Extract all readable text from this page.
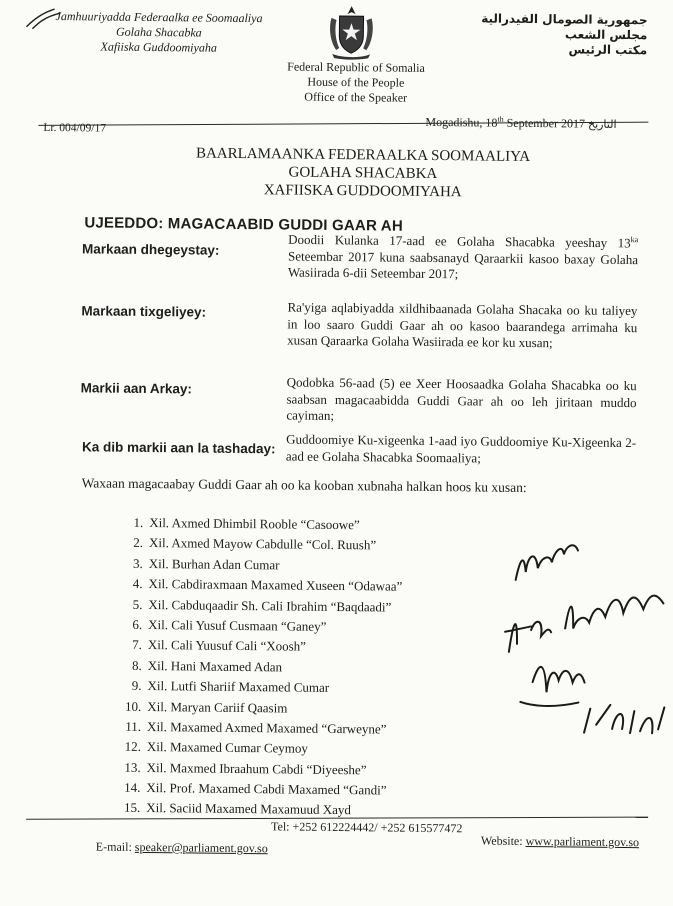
Jamhuuriyadda Federaalka ee Soomaaliya
Golaha Shacabka
Xafiiska Guddoomiyaha
جمهورية الصومال الفيدرالية
مجلس الشعب
مكتب الرئيس
Federal Republic of Somalia
House of the People
Office of the Speaker
Lr. 004/09/17	Mogadishu, 18th September 2017 التاريخ
BAARLAMAANKA FEDERAALKA SOOMAALIYA
GOLAHA SHACABKA
XAFIISKA GUDDOOMIYAHA
UJEEDDO: MAGACAABID GUDDI GAAR AH
Markaan dhegeystay:	Doodii Kulanka 17-aad ee Golaha Shacabka yeeshay $13^{ka}$ Seteembar 2017 kuna saabsanayd Qaraarkii kasoo baxay Golaha Wasiirada 6-dii Seteembar 2017;
Markaan tixgeliyey:	Ra'yiga aqlabiyadda xildhibaanada Golaha Shacaka oo ku taliyey in loo saaro Guddi Gaar ah oo kasoo baarandega arrimaha ku xusan Qaraarka Golaha Wasiirada ee kor ku xusan;
Markii aan Arkay:	Qodobka 56-aad (5) ee Xeer Hoosaadka Golaha Shacabka oo ku saabsan magacaabidda Guddi Gaar ah oo leh jiritaan muddo cayiman;
Ka dib markii aan la tashaday: Guddoomiye Ku-xigeenka 1-aad iyo Guddoomiye Ku-Xigeenka 2-aad ee Golaha Shacabka Soomaaliya;
Waxaan magacaabay Guddi Gaar ah oo ka kooban xubnaha halkan hoos ku xusan:
1. Xil. Axmed Dhimbil Rooble “Casoowe”
2. Xil. Axmed Mayow Cabdulle “Col. Ruush”
3. Xil. Burhan Adan Cumar
4. Xil. Cabdiraxmaan Maxamed Xuseen “Odawaa”
5. Xil. Cabduqaadir Sh. Cali Ibrahim “Baqdaadi”
6. Xil. Cali Yusuf Cusmaan “Ganey”
7. Xil. Cali Yuusuf Cali “Xoosh”
8. Xil. Hani Maxamed Adan
9. Xil. Lutfi Shariif Maxamed Cumar
10. Xil. Maryan Cariif Qaasim
11. Xil. Maxamed Axmed Maxamed “Garweyne”
12. Xil. Maxamed Cumar Ceymoy
13. Xil. Maxmed Ibraahum Cabdi “Diyeeshe”
14. Xil. Prof. Maxamed Cabdi Maxamed “Gandi”
15. Xil. Saciid Maxamed Maxamuud Xayd
Tel: +252 612224442/ +252 615577472
E-mail: speaker@parliament.gov.so	Website: www.parliament.gov.so
